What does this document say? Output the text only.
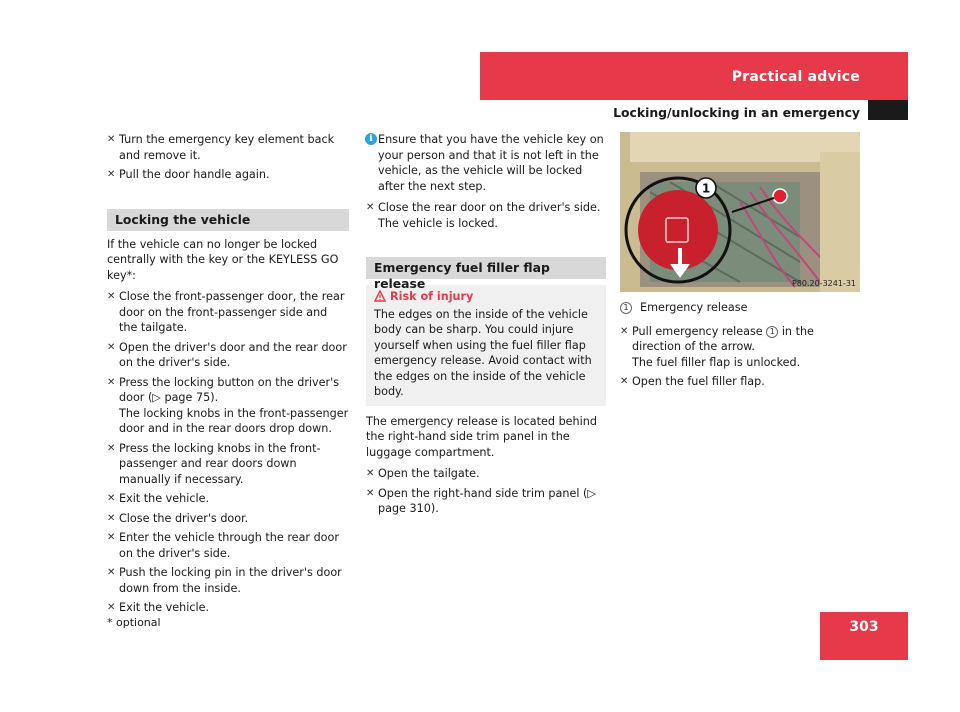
Practical advice
Locking/unlocking in an emergency
✕ Turn the emergency key element back and remove it.
✕ Pull the door handle again.
Locking the vehicle
If the vehicle can no longer be locked centrally with the key or the KEYLESS GO key*:
✕ Close the front-passenger door, the rear door on the front-passenger side and the tailgate.
✕ Open the driver's door and the rear door on the driver's side.
✕ Press the locking button on the driver's door (▷ page 75).
The locking knobs in the front-passenger door and in the rear doors drop down.
✕ Press the locking knobs in the front-passenger and rear doors down manually if necessary.
✕ Exit the vehicle.
✕ Close the driver's door.
✕ Enter the vehicle through the rear door on the driver's side.
✕ Push the locking pin in the driver's door down from the inside.
✕ Exit the vehicle.
i Ensure that you have the vehicle key on your person and that it is not left in the vehicle, as the vehicle will be locked after the next step.
✕ Close the rear door on the driver's side.
The vehicle is locked.
Emergency fuel filler flap release
Risk of injury
The edges on the inside of the vehicle body can be sharp. You could injure yourself when using the fuel filler flap emergency release. Avoid contact with the edges on the inside of the vehicle body.
The emergency release is located behind the right-hand side trim panel in the luggage compartment.
✕ Open the tailgate.
✕ Open the right-hand side trim panel (▷ page 310).
1
P80.20-3241-31
1	Emergency release
✕ Pull emergency release 1 in the direction of the arrow.
The fuel filler flap is unlocked.
✕ Open the fuel filler flap.
* optional	303
